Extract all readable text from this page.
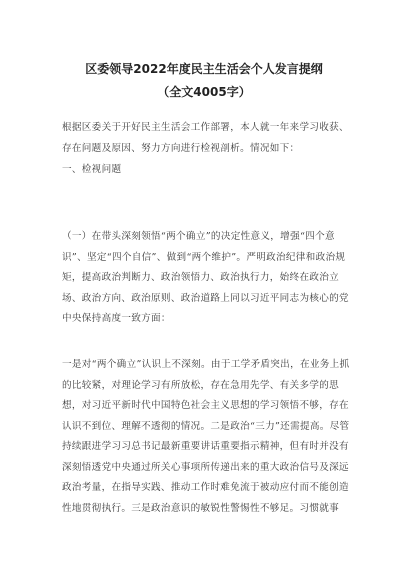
区委领导2022年度民主生活会个人发言提纲
（全文4005字）

根据区委关于开好民主生活会工作部署，本人就一年来学习收获、存在问题及原因、努力方向进行检视剖析。情况如下：

一、检视问题

（一）在带头深刻领悟“两个确立”的决定性意义，增强“四个意识”、坚定“四个自信”、做到“两个维护”。严明政治纪律和政治规矩，提高政治判断力、政治领悟力、政治执行力，始终在政治立场、政治方向、政治原则、政治道路上同以习近平同志为核心的党中央保持高度一致方面：

一是对“两个确立”认识上不深刻。由于工学矛盾突出，在业务上抓的比较紧，对理论学习有所放松，存在急用先学、有关多学的思想，对习近平新时代中国特色社会主义思想的学习领悟不够，存在认识不到位、理解不透彻的情况。二是政治“三力”还需提高。尽管持续跟进学习习总书记最新重要讲话重要指示精神，但有时并没有深刻悟透党中央通过所关心事项所传递出来的重大政治信号及深远政治考量，在指导实践、推动工作时难免流于被动应付而不能创造性地贯彻执行。三是政治意识的敏锐性警惕性不够足。习惯就事
